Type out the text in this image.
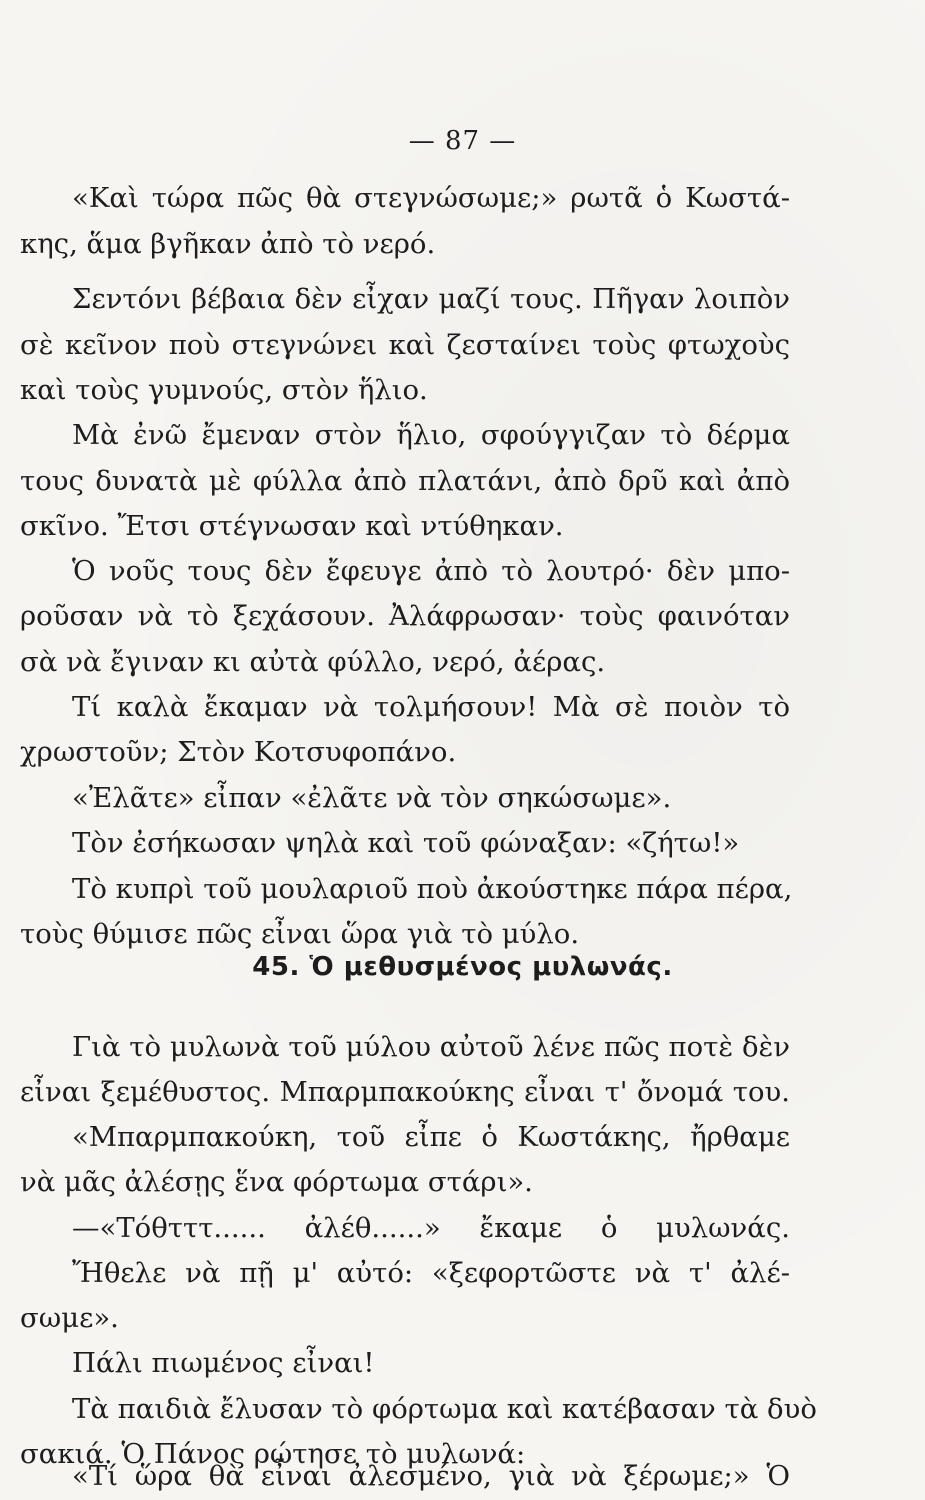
— 87 —
«Καὶ τώρα πῶς θὰ στεγνώσωμε;» ρωτᾶ ὁ Κωστά-
κης, ἅμα βγῆκαν ἀπὸ τὸ νερό.
Σεντόνι βέβαια δὲν εἶχαν μαζί τους. Πῆγαν λοιπὸν
σὲ κεῖνον ποὺ στεγνώνει καὶ ζεσταίνει τοὺς φτωχοὺς
καὶ τοὺς γυμνούς, στὸν ἥλιο.
Μὰ ἐνῶ ἔμεναν στὸν ἥλιο, σφούγγιζαν τὸ δέρμα
τους δυνατὰ μὲ φύλλα ἀπὸ πλατάνι, ἀπὸ δρῦ καὶ ἀπὸ
σκῖνο. Ἔτσι στέγνωσαν καὶ ντύθηκαν.
Ὁ νοῦς τους δὲν ἔφευγε ἀπὸ τὸ λουτρό· δὲν μπο-
ροῦσαν νὰ τὸ ξεχάσουν. Ἀλάφρωσαν· τοὺς φαινόταν
σὰ νὰ ἔγιναν κι αὐτὰ φύλλο, νερό, ἀέρας.
Τί καλὰ ἔκαμαν νὰ τολμήσουν! Μὰ σὲ ποιὸν τὸ
χρωστοῦν; Στὸν Κοτσυφοπάνο.
«Ἐλᾶτε» εἶπαν «ἐλᾶτε νὰ τὸν σηκώσωμε».
Τὸν ἐσήκωσαν ψηλὰ καὶ τοῦ φώναξαν: «ζήτω!»
Τὸ κυπρὶ τοῦ μουλαριοῦ ποὺ ἀκούστηκε πάρα πέρα,
τοὺς θύμισε πῶς εἶναι ὥρα γιὰ τὸ μύλο.
45. Ὁ μεθυσμένος μυλωνάς.
Γιὰ τὸ μυλωνὰ τοῦ μύλου αὐτοῦ λένε πῶς ποτὲ δὲν
εἶναι ξεμέθυστος. Μπαρμπακούκης εἶναι τ' ὄνομά του.
«Μπαρμπακούκη, τοῦ εἶπε ὁ Κωστάκης, ἤρθαμε
νὰ μᾶς ἀλέσῃς ἕνα φόρτωμα στάρι».
—«Τόθτττ...... ἀλέθ......» ἔκαμε ὁ μυλωνάς.
Ἤθελε νὰ πῇ μ' αὐτό: «ξεφορτῶστε νὰ τ' ἀλέ-
σωμε».
Πάλι πιωμένος εἶναι!
Τὰ παιδιὰ ἔλυσαν τὸ φόρτωμα καὶ κατέβασαν τὰ δυὸ
σακιά. Ὁ Πάνος ρώτησε τὸ μυλωνά:
«Τί ὥρα θὰ εἶναι ἀλεσμένο, γιὰ νὰ ξέρωμε;» Ὁ
